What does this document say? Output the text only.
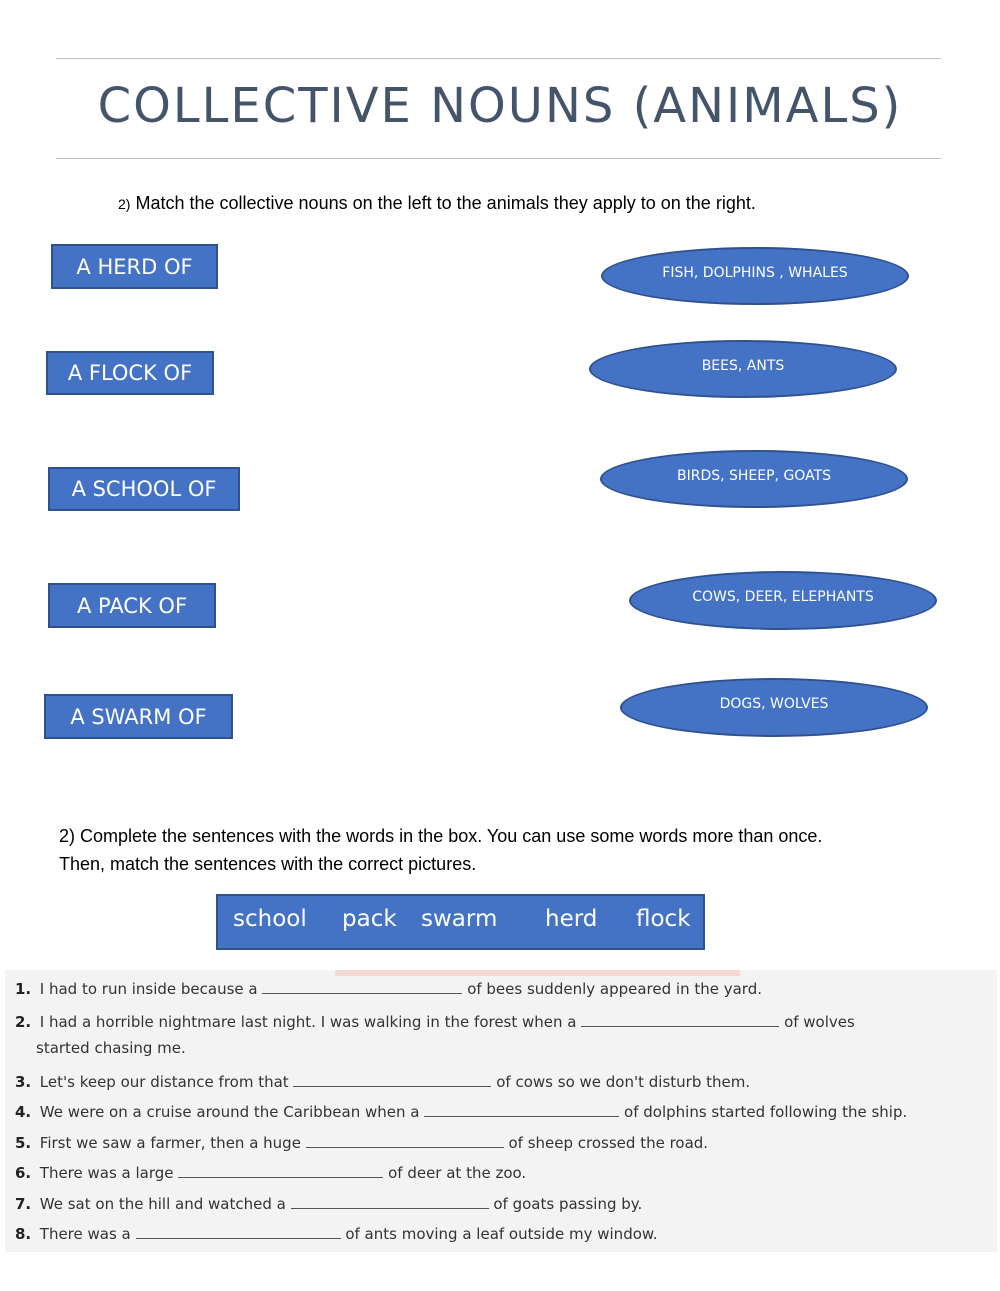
COLLECTIVE NOUNS (ANIMALS)
2) Match the collective nouns on the left to the animals they apply to on the right.
A HERD OF
A FLOCK OF
A SCHOOL OF
A PACK OF
A SWARM OF
FISH, DOLPHINS , WHALES
BEES, ANTS
BIRDS, SHEEP, GOATS
COWS, DEER, ELEPHANTS
DOGS, WOLVES
2) Complete the sentences with the words in the box. You can use some words more than once.
Then, match the sentences with the correct pictures.
school pack swarm herd flock
1. I had to run inside because a	of bees suddenly appeared in the yard.
2. I had a horrible nightmare last night. I was walking in the forest when a	of wolves
started chasing me.
3. Let's keep our distance from that	of cows so we don't disturb them.
4. We were on a cruise around the Caribbean when a	of dolphins started following the ship.
5. First we saw a farmer, then a huge	of sheep crossed the road.
6. There was a large	of deer at the zoo.
7. We sat on the hill and watched a	of goats passing by.
8. There was a	of ants moving a leaf outside my window.
